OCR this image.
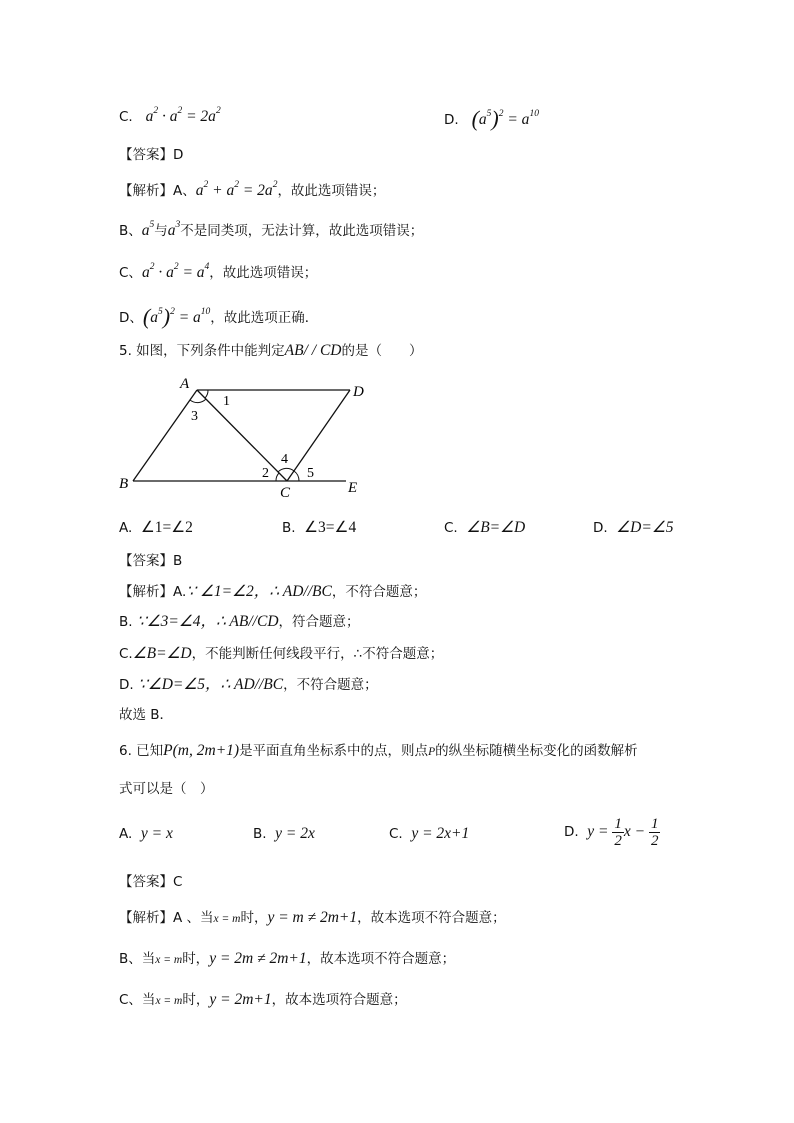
C. $a^2 \cdot a^2 = 2a^2$
D. $(a^5)^2 = a^{10}$
【答案】D
【解析】A、$a^2 + a^2 = 2a^2$，故此选项错误；
B、$a^5$与$a^3$不是同类项，无法计算，故此选项错误；
C、$a^2 \cdot a^2 = a^4$，故此选项错误；
D、$(a^5)^2 = a^{10}$，故此选项正确．
5. 如图，下列条件中能判定AB/ / CD的是（　　）
A	D
B
C	E
1
3
2
4
5
A. ∠1=∠2	B. ∠3=∠4	C. ∠B=∠D	D. ∠D=∠5
【答案】B
【解析】A.∵ ∠1=∠2，∴ AD//BC，不符合题意；
B. ∵∠3=∠4，∴ AB//CD，符合题意；
C.∠B=∠D，不能判断任何线段平行，∴不符合题意；
D. ∵∠D=∠5，∴ AD//BC，不符合题意；
故选 B．
6. 已知P(m, 2m+1)是平面直角坐标系中的点，则点P的纵坐标随横坐标变化的函数解析
式可以是（　）
A. y = x	B. y = 2x	C. y = 2x+1	D. $y = \frac{1}{2}$ $x - \frac{1}{2}$
【答案】C
【解析】A 、当x = m时，y = m ≠ 2m+1，故本选项不符合题意；
B、当x = m时，y = 2m ≠ 2m+1，故本选项不符合题意；
C、当x = m时，y = 2m+1，故本选项符合题意；
